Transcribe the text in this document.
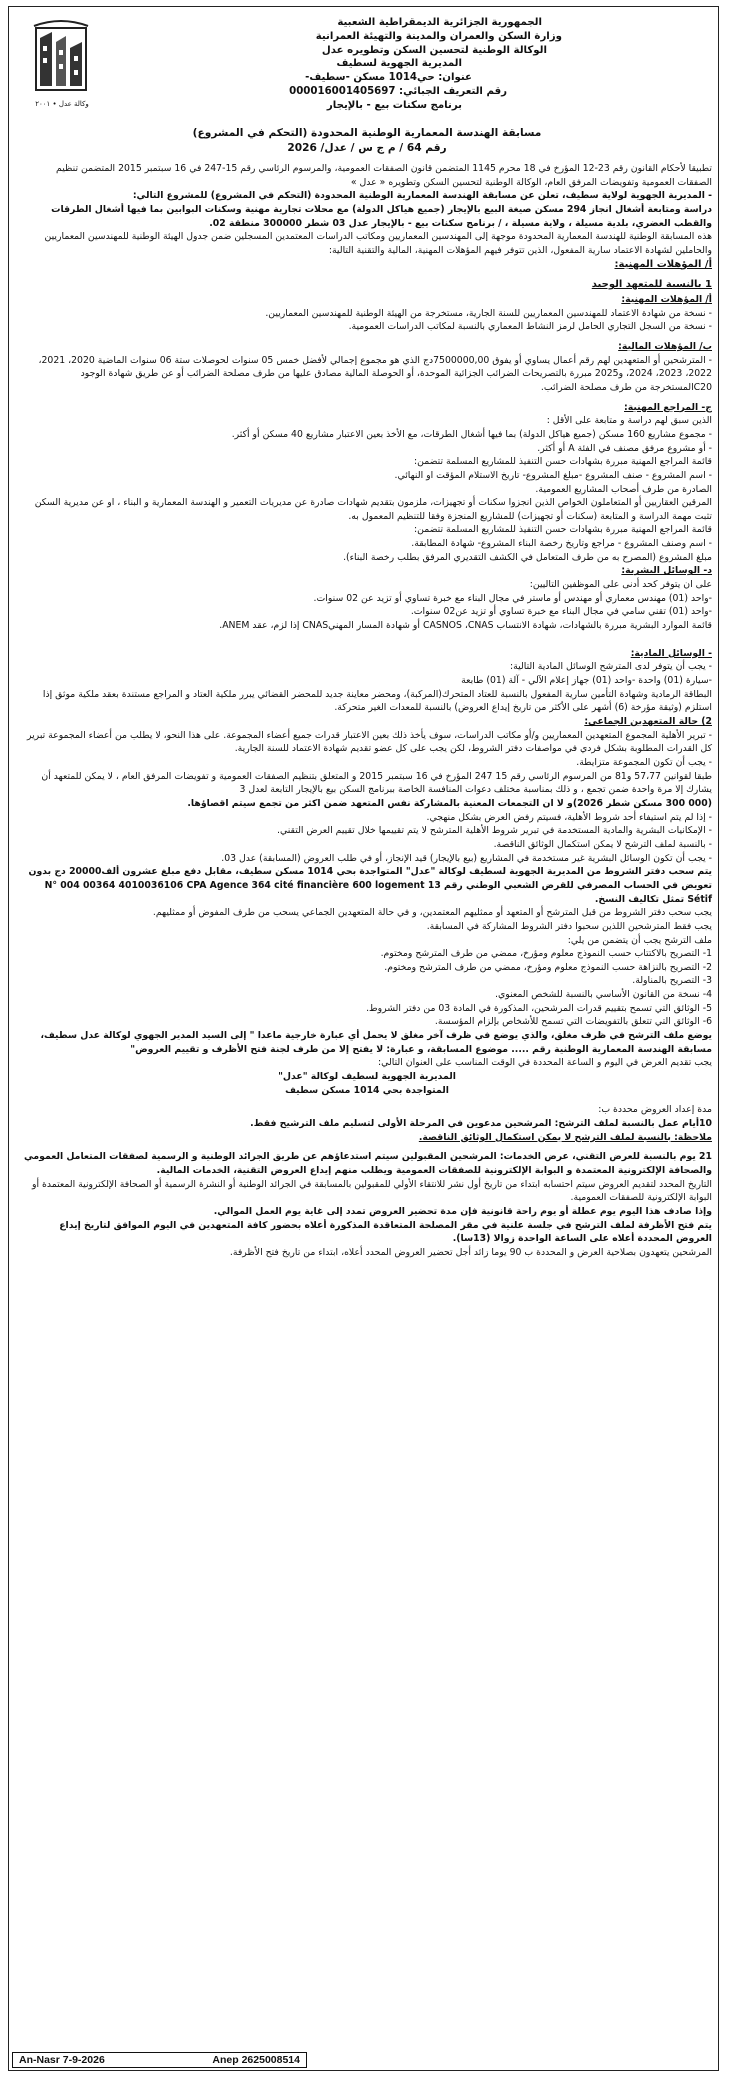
وكالة عدل • ٢٠٠١

الجمهورية الجزائرية الديمقراطية الشعبية

وزارة السكن والعمران والمدينة والتهيئة العمرانية

الوكالة الوطنية لتحسين السكن وتطويره عدل

المديرية الجهوية لسطيف

عنوان: حي1014 مسكن -سطيف-

رقم التعريف الجبائي: 000016001405697

برنامج سكنات بيع - بالإيجار

مسابقة الهندسة المعمارية الوطنية المحدودة (التحكم في المشروع)

رقم 64 / م ج س / عدل/ 2026

تطبيقا لأحكام القانون رقم 23-12 المؤرخ في 18 محرم 1145 المتضمن قانون الصفقات العمومية، والمرسوم الرئاسي رقم 15-247 في 16 سبتمبر 2015 المتضمن تنظيم الصفقات العمومية وتفويضات المرفق العام، الوكالة الوطنية لتحسين السكن وتطويره « عدل »

- المديرية الجهوية لولاية سطيف، تعلن عن مسابقة الهندسة المعمارية الوطنية المحدودة (التحكم في المشروع) للمشروع التالي:

دراسة ومتابعة أشغال انجاز 294 مسكن صيغة البيع بالإيجار (جميع هياكل الدولة) مع محلات تجارية مهنية وسكنات البوابين بما فيها أشغال الطرقات والقطب العضري، بلدية مسيلة ، ولاية مسيلة ، / برنامج سكنات بيع - بالإيجار عدل 03 شطر 300000 منطقة 02.

هذه المسابقة الوطنية للهندسة المعمارية المحدودة موجهة إلى المهندسين المعماريين ومكاتب الدراسات المعتمدين المسجلين ضمن جدول الهيئة الوطنية للمهندسين المعماريين والحاملين لشهادة الاعتماد سارية المفعول، الذين تتوفر فيهم المؤهلات المهنية، المالية والتقنية التالية:

أ/ المؤهلات المهنية:

1 بالنسبة للمتعهد الوحيد

أ/ المؤهلات المهنية:

- نسخة من شهادة الاعتماد للمهندسين المعماريين للسنة الجارية، مستخرجة من الهيئة الوطنية للمهندسين المعماريين.

- نسخة من السجل التجاري الحامل لرمز النشاط المعماري بالنسبة لمكاتب الدراسات العمومية.

ب/ المؤهلات المالية:

- المترشحين أو المتعهدين لهم رقم أعمال يساوي أو يفوق 7500000,00دج الذي هو مجموع إجمالي لأفضل خمس 05 سنوات لحوصلات ستة 06 سنوات الماضية 2020، 2021، 2022، 2023، 2024، و2025 مبررة بالتصريحات الضرائب الجزائية الموحدة، أو الحوصلة المالية مصادق عليها من طرف مصلحة الضرائب أو عن طريق شهادة الوجود C20المستخرجة من طرف مصلحة الضرائب.

ج- المراجع المهنية:

الذين سبق لهم دراسة و متابعة على الأقل :

- مجموع مشاريع 160 مسكن (جميع هياكل الدولة) بما فيها أشغال الطرقات، مع الأخذ بعين الاعتبار مشاريع 40 مسكن أو أكثر.

- أو مشروع مرفق مصنف في الفئة A أو أكثر.

قائمة المراجع المهنية مبررة بشهادات حسن التنفيذ للمشاريع المسلمة تتضمن:

- اسم المشروع - صنف المشروع -مبلغ المشروع- تاريخ الاستلام المؤقت او النهائي.

الصادرة من طرف أصحاب المشاريع العمومية.

المرقين العقاريين أو المتعاملون الخواص الذين انجزوا سكنات أو تجهيزات، ملزمون بتقديم شهادات صادرة عن مديريات التعمير و الهندسة المعمارية و البناء ، او عن مديرية السكن تثبت مهمة الدراسة و المتابعة (سكنات أو تجهيزات) للمشاريع المنجزة وفقا للتنظيم المعمول به.

قائمة المراجع المهنية مبررة بشهادات حسن التنفيذ للمشاريع المسلمة تتضمن:

- اسم وصنف المشروع - مراجع وتاريخ رخصة البناء المشروع- شهادة المطابقة.

مبلغ المشروع (المصرح به من طرف المتعامل في الكشف التقديري المرفق بطلب رخصة البناء).

د- الوسائل البشرية:

على ان يتوفر كحد أدنى على الموظفين التاليين:

-واحد (01) مهندس معماري أو مهندس أو ماستر في مجال البناء مع خبرة تساوي أو تزيد عن 02 سنوات.

-واحد (01) تقني سامي في مجال البناء مع خبرة تساوي أو تزيد عن02 سنوات.

قائمة الموارد البشرية مبررة بالشهادات، شهادة الانتساب CASNOS ،CNAS أو شهادة المسار المهنيCNAS إذا لزم، عقد ANEM.

- الوسائل المادية:

- يجب أن يتوفر لدى المترشح الوسائل المادية التالية:

-سيارة (01) واحدة -واحد (01) جهاز إعلام الآلي - آلة (01) طابعة

البطاقة الرمادية وشهادة التأمين سارية المفعول بالنسبة للعتاد المتحرك(المركبة)، ومحضر معاينة جديد للمحضر القضائي يبرر ملكية العتاد و المراجع مستندة بعقد ملكية موثق إذا استلزم (وثيقة مؤرخة (6) أشهر على الأكثر من تاريخ إيداع العروض) بالنسبة للمعدات الغير متحركة.

2) حالة المتعهدين الجماعي:

- تبرير الأهلية المجموع المتعهدين المعماريين و/أو مكاتب الدراسات، سوف يأخذ ذلك بعين الاعتبار قدرات جميع أعضاء المجموعة. على هذا النحو، لا يطلب من أعضاء المجموعة تبرير كل القدرات المطلوبة بشكل فردي في مواصفات دفتر الشروط، لكن يجب على كل عضو تقديم شهادة الاعتماد للسنة الجارية.

- يجب أن تكون المجموعة متزايطة.

طبقا لقوانين 57،77 و81 من المرسوم الرئاسي رقم 15 247 المؤرخ في 16 سبتمبر 2015 و المتعلق بتنظيم الصفقات العمومية و تفويضات المرفق العام ، لا يمكن للمتعهد أن يشارك إلا مرة واحدة ضمن تجمع ، و ذلك بمناسبة مختلف دعوات المنافسة الخاصة ببرنامج السكن بيع بالإيجار التابعة لعدل 3

(000 300 مسكن شطر 2026)و لا ان التجمعات المعنية بالمشاركة نفس المتعهد ضمن اكثر من تجمع سيتم اقصاؤها.

- إذا لم يتم استيفاء أحد شروط الأهلية، فسيتم رفض العرض بشكل منهجي.

- الإمكانيات البشرية والمادية المستخدمة في تبرير شروط الأهلية المترشح لا يتم تقييمها خلال تقييم العرض التقني.

- بالنسبة لملف الترشح لا يمكن استكمال الوثائق الناقصة.

- يجب أن تكون الوسائل البشرية غير مستخدمة في المشاريع (بيع بالإيجار) قيد الإنجاز، أو في طلب العروض (المسابقة) عدل 03.

يتم سحب دفتر الشروط من المديرية الجهوية لسطيف لوكالة "عدل" المتواجدة بحي 1014 مسكن سطيف، مقابل دفع مبلغ عشرون ألف20000 دج بدون تعويض في الحساب المصرفي للقرض الشعبي الوطني رقم 13 N° 004 00364 4010036106 CPA Agence 364 cité financière 600 logement Sétif تمثل تكاليف النسخ.

يجب سحب دفتر الشروط من قبل المترشح أو المتعهد أو ممثليهم المعتمدين، و في حالة المتعهدين الجماعي يسحب من طرف المفوض أو ممثليهم.

يجب فقط المترشحين اللذين سحبوا دفتر الشروط المشاركة في المسابقة.

ملف الترشح يجب أن يتضمن من يلي:

1- التصريح بالاكتتاب حسب النموذج معلوم ومؤرخ، ممضي من طرف المترشح ومختوم.

2- التصريح بالنزاهة حسب النموذج معلوم ومؤرخ، ممضي من طرف المترشح ومختوم.

3- التصريح بالمناولة.

4- نسخة من القانون الأساسي بالنسبة للشخص المعنوي.

5- الوثائق التي تسمح بتقييم قدرات المرشحين، المذكورة في المادة 03 من دفتر الشروط.

6- الوثائق التي تتعلق بالتفويضات التي تسمح للأشخاص بإلزام المؤسسة.

يوضع ملف الترشح في ظرف مغلق، والذي يوضع في ظرف آخر مغلق لا يحمل أي عبارة خارجية ماعدا " إلى السيد المدير الجهوي لوكالة عدل سطيف، مسابقة الهندسة المعمارية الوطنية رقم ..... موضوع المسابقة، و عبارة: لا يفتح إلا من طرف لجنة فتح الأظرف و تقييم العروض"

يجب تقديم العرض في اليوم و الساعة المحددة في الوقت المناسب على العنوان التالي:

المديرية الجهوية لسطيف لوكالة "عدل"

المتواجدة بحي 1014 مسكن سطيف

مدة إعداد العروض محددة ب:

10أيام عمل بالنسبة لملف الترشح: المرشحين مدعوين في المرحلة الأولى لتسليم ملف الترشيح فقط.

ملاحظة: بالنسبة لملف الترشح لا يمكن استكمال الوثائق الناقصة.

21 يوم بالنسبة للعرض التقني، عرض الخدمات: المرشحين المقبولين سيتم استدعاؤهم عن طريق الجرائد الوطنية و الرسمية لصفقات المتعامل العمومي والصحافة الإلكترونية المعتمدة و البوابة الإلكترونية للصفقات العمومية ويطلب منهم إيداع العروض التقنية، الخدمات المالية.

التاريخ المحدد لتقديم العروض سيتم احتسابه ابتداء من تاريخ أول نشر للانتقاء الأولي للمقبولين بالمسابقة في الجرائد الوطنية أو النشرة الرسمية أو الصحافة الإلكترونية المعتمدة أو البوابة الإلكترونية للصفقات العمومية.

وإذا صادف هذا اليوم يوم عطلة أو يوم راحة قانونية فإن مدة تحضير العروض تمدد إلى غاية يوم العمل الموالي.

يتم فتح الأظرفة لملف الترشح في جلسة علنية في مقر المصلحة المتعاقدة المذكورة أعلاه بحضور كافة المتعهدين في اليوم الموافق لتاريخ إيداع العروض المحددة أعلاه على الساعة الواحدة زوالا (13سا).

المرشحين يتعهدون بصلاحية العرض و المحددة ب 90 يوما زائد أجل تحضير العروض المحدد أعلاه، ابتداء من تاريخ فتح الأظرفة.

An-Nasr 7-9-2026	Anep 2625008514
